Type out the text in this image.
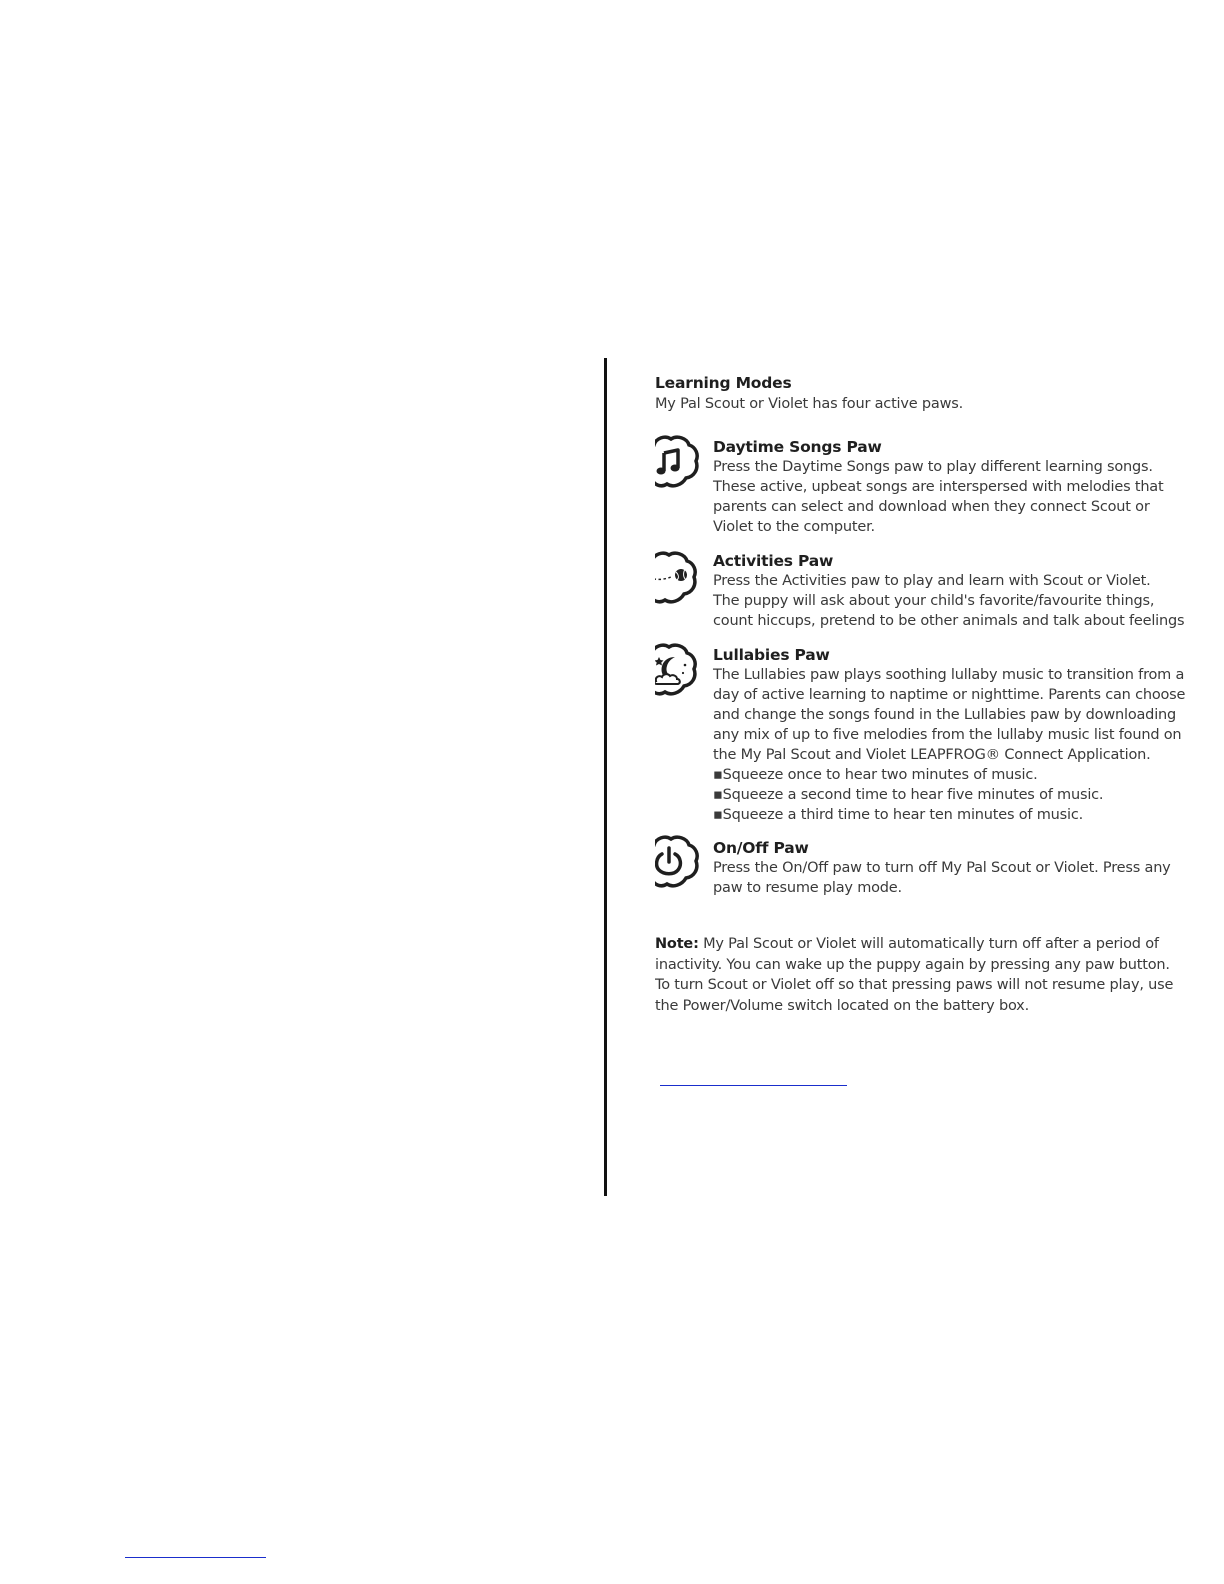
Learning Modes
My Pal Scout or Violet has four active paws.
Daytime Songs Paw
Press the Daytime Songs paw to play different learning songs.
These active, upbeat songs are interspersed with melodies that
parents can select and download when they connect Scout or
Violet to the computer.
Activities Paw
Press the Activities paw to play and learn with Scout or Violet.
The puppy will ask about your child's favorite/favourite things,
count hiccups, pretend to be other animals and talk about feelings
Lullabies Paw
The Lullabies paw plays soothing lullaby music to transition from a
day of active learning to naptime or nighttime. Parents can choose
and change the songs found in the Lullabies paw by downloading
any mix of up to five melodies from the lullaby music list found on
the My Pal Scout and Violet LEAPFROG® Connect Application.
▪Squeeze once to hear two minutes of music.
▪Squeeze a second time to hear five minutes of music.
▪Squeeze a third time to hear ten minutes of music.
On/Off Paw
Press the On/Off paw to turn off My Pal Scout or Violet. Press any
paw to resume play mode.
Note: My Pal Scout or Violet will automatically turn off after a period of
inactivity. You can wake up the puppy again by pressing any paw button.
To turn Scout or Violet off so that pressing paws will not resume play, use
the Power/Volume switch located on the battery box.
